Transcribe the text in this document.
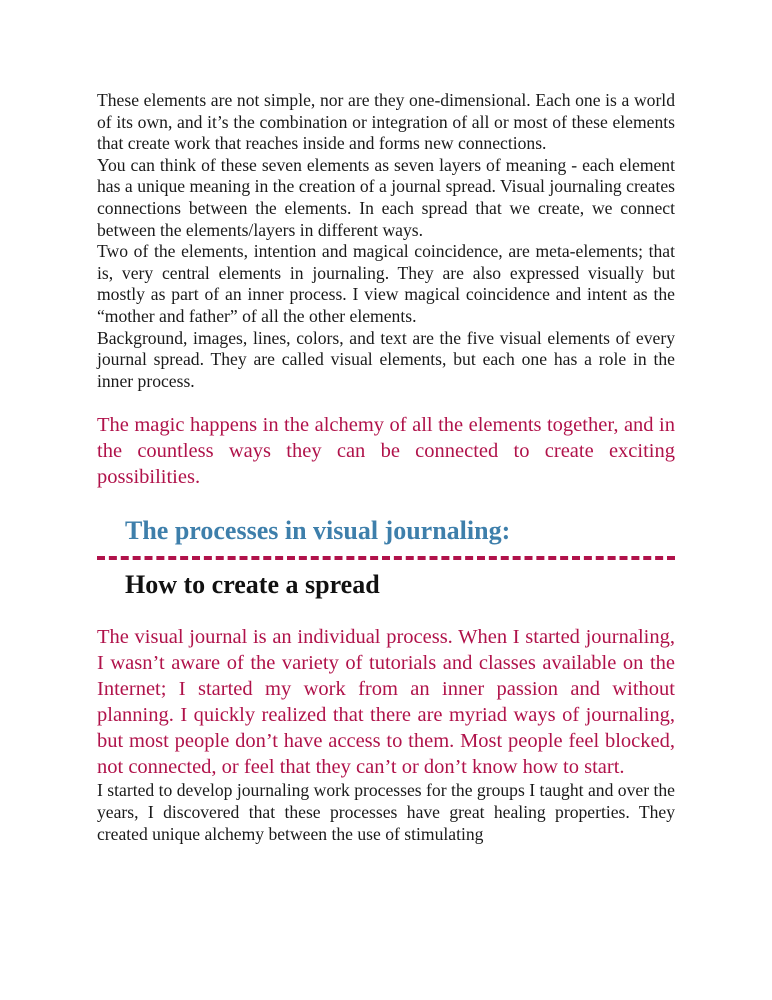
These elements are not simple, nor are they one-dimensional. Each one is a world of its own, and it’s the combination or integration of all or most of these elements that create work that reaches inside and forms new connections.

You can think of these seven elements as seven layers of meaning - each element has a unique meaning in the creation of a journal spread. Visual journaling creates connections between the elements. In each spread that we create, we connect between the elements/layers in different ways.

Two of the elements, intention and magical coincidence, are meta-elements; that is, very central elements in journaling. They are also expressed visually but mostly as part of an inner process. I view magical coincidence and intent as the “mother and father” of all the other elements.

Background, images, lines, colors, and text are the five visual elements of every journal spread. They are called visual elements, but each one has a role in the inner process.

The magic happens in the alchemy of all the elements together, and in the countless ways they can be connected to create exciting possibilities.

The processes in visual journaling:
How to create a spread

The visual journal is an individual process. When I started journaling, I wasn’t aware of the variety of tutorials and classes available on the Internet; I started my work from an inner passion and without planning. I quickly realized that there are myriad ways of journaling, but most people don’t have access to them. Most people feel blocked, not connected, or feel that they can’t or don’t know how to start.

I started to develop journaling work processes for the groups I taught and over the years, I discovered that these processes have great healing properties. They created unique alchemy between the use of stimulating
